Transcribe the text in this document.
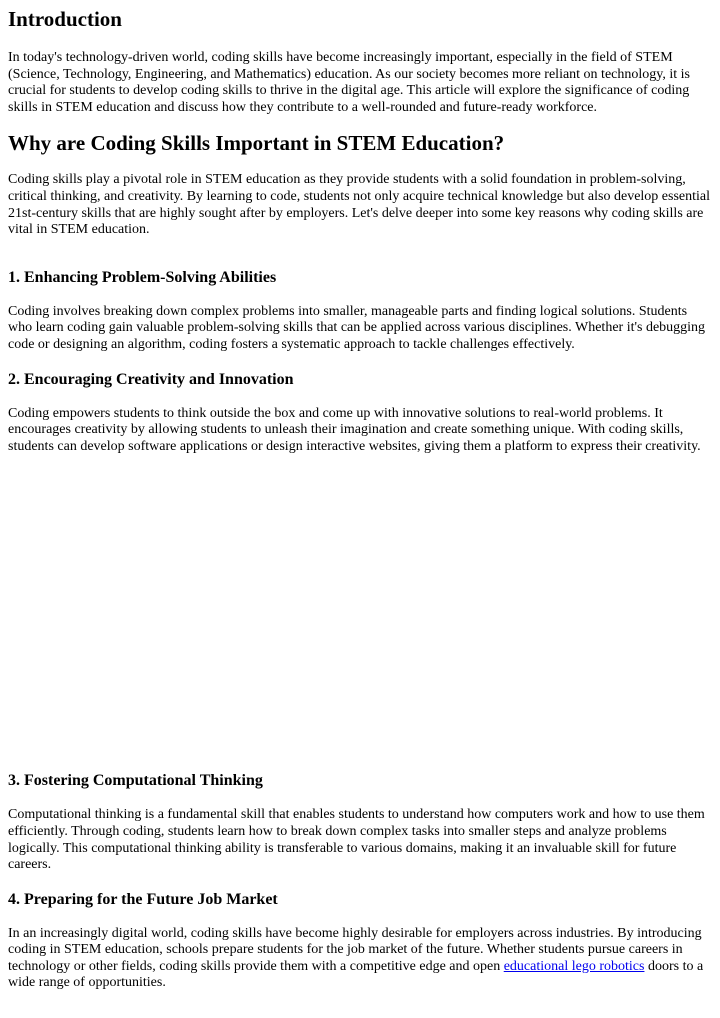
Introduction

In today's technology-driven world, coding skills have become increasingly important, especially in the field of STEM (Science, Technology, Engineering, and Mathematics) education. As our society becomes more reliant on technology, it is crucial for students to develop coding skills to thrive in the digital age. This article will explore the significance of coding skills in STEM education and discuss how they contribute to a well-rounded and future-ready workforce.

Why are Coding Skills Important in STEM Education?

Coding skills play a pivotal role in STEM education as they provide students with a solid foundation in problem-solving, critical thinking, and creativity. By learning to code, students not only acquire technical knowledge but also develop essential 21st-century skills that are highly sought after by employers. Let's delve deeper into some key reasons why coding skills are vital in STEM education.

1. Enhancing Problem-Solving Abilities

Coding involves breaking down complex problems into smaller, manageable parts and finding logical solutions. Students who learn coding gain valuable problem-solving skills that can be applied across various disciplines. Whether it's debugging code or designing an algorithm, coding fosters a systematic approach to tackle challenges effectively.

2. Encouraging Creativity and Innovation

Coding empowers students to think outside the box and come up with innovative solutions to real-world problems. It encourages creativity by allowing students to unleash their imagination and create something unique. With coding skills, students can develop software applications or design interactive websites, giving them a platform to express their creativity.

3. Fostering Computational Thinking

Computational thinking is a fundamental skill that enables students to understand how computers work and how to use them efficiently. Through coding, students learn how to break down complex tasks into smaller steps and analyze problems logically. This computational thinking ability is transferable to various domains, making it an invaluable skill for future careers.

4. Preparing for the Future Job Market

In an increasingly digital world, coding skills have become highly desirable for employers across industries. By introducing coding in STEM education, schools prepare students for the job market of the future. Whether students pursue careers in technology or other fields, coding skills provide them with a competitive edge and open educational lego robotics doors to a wide range of opportunities.
